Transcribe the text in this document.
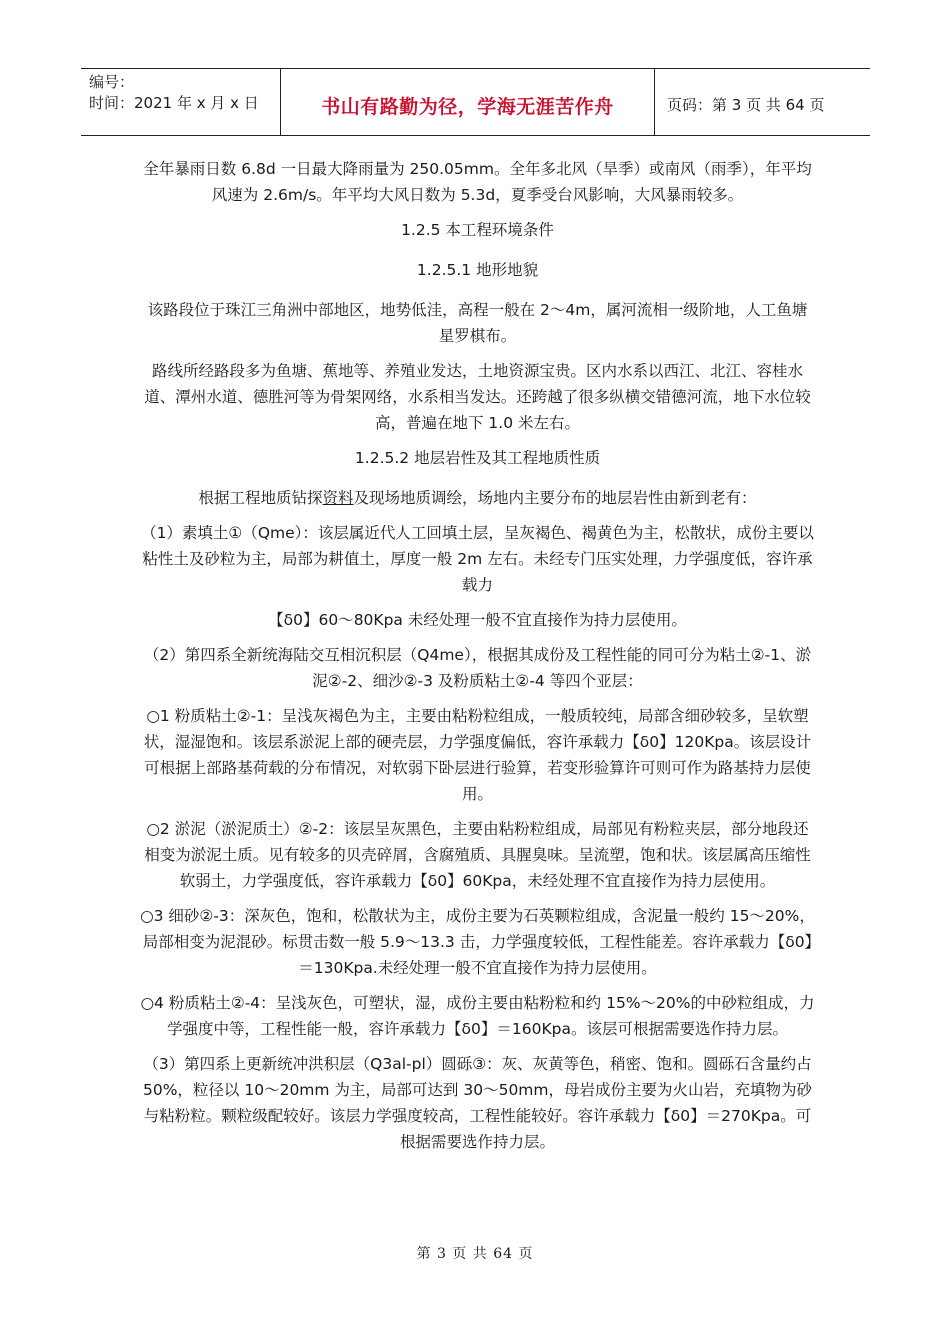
编号：
时间：2021 年 x 月 x 日	书山有路勤为径，学海无涯苦作舟	页码：第 3 页 共 64 页

全年暴雨日数 6.8d 一日最大降雨量为 250.05mm。全年多北风（旱季）或南风（雨季），年平均风速为 2.6m/s。年平均大风日数为 5.3d，夏季受台风影响，大风暴雨较多。

1.2.5 本工程环境条件

1.2.5.1 地形地貌

该路段位于珠江三角洲中部地区，地势低洼，高程一般在 2～4m，属河流相一级阶地，人工鱼塘星罗棋布。

路线所经路段多为鱼塘、蕉地等、养殖业发达，土地资源宝贵。区内水系以西江、北江、容桂水道、潭州水道、德胜河等为骨架网络，水系相当发达。还跨越了很多纵横交错德河流，地下水位较高，普遍在地下 1.0 米左右。

1.2.5.2 地层岩性及其工程地质性质

根据工程地质钻探资料及现场地质调绘，场地内主要分布的地层岩性由新到老有：

（1）素填土①（Qme）：该层属近代人工回填土层，呈灰褐色、褐黄色为主，松散状，成份主要以粘性土及砂粒为主，局部为耕值土，厚度一般 2m 左右。未经专门压实处理，力学强度低，容许承载力

【δ0】60～80Kpa 未经处理一般不宜直接作为持力层使用。

（2）第四系全新统海陆交互相沉积层（Q4me），根据其成份及工程性能的同可分为粘土②-1、淤泥②-2、细沙②-3 及粉质粘土②-4 等四个亚层：

○1 粉质粘土②-1：呈浅灰褐色为主，主要由粘粉粒组成，一般质较纯，局部含细砂较多，呈软塑状，湿湿饱和。该层系淤泥上部的硬壳层，力学强度偏低，容许承载力【δ0】120Kpa。该层设计可根据上部路基荷载的分布情况，对软弱下卧层进行验算，若变形验算许可则可作为路基持力层使用。

○2 淤泥（淤泥质土）②-2：该层呈灰黑色，主要由粘粉粒组成，局部见有粉粒夹层，部分地段还相变为淤泥土质。见有较多的贝壳碎屑，含腐殖质、具腥臭味。呈流塑，饱和状。该层属高压缩性软弱土，力学强度低，容许承载力【δ0】60Kpa，未经处理不宜直接作为持力层使用。

○3 细砂②-3：深灰色，饱和，松散状为主，成份主要为石英颗粒组成，含泥量一般约 15～20%，局部相变为泥混砂。标贯击数一般 5.9～13.3 击，力学强度较低，工程性能差。容许承载力【δ0】＝130Kpa.未经处理一般不宜直接作为持力层使用。

○4 粉质粘土②-4：呈浅灰色，可塑状，湿，成份主要由粘粉粒和约 15%～20%的中砂粒组成，力学强度中等，工程性能一般，容许承载力【δ0】＝160Kpa。该层可根据需要选作持力层。

（3）第四系上更新统冲洪积层（Q3al-pl）圆砾③：灰、灰黄等色，稍密、饱和。圆砾石含量约占 50%，粒径以 10～20mm 为主，局部可达到 30～50mm，母岩成份主要为火山岩，充填物为砂与粘粉粒。颗粒级配较好。该层力学强度较高，工程性能较好。容许承载力【δ0】＝270Kpa。可根据需要选作持力层。

第 3 页 共 64 页
